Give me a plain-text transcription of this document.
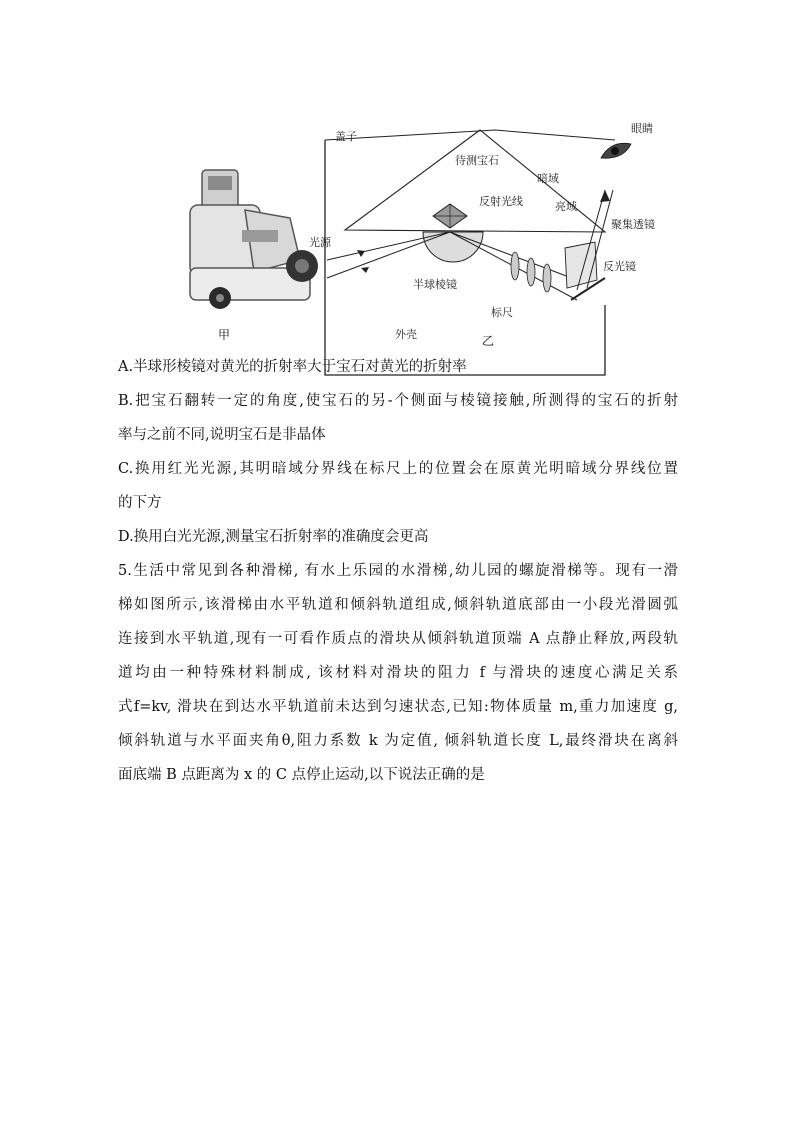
甲
盖子
待测宝石
反射光线
暗域
亮域
眼睛
聚集透镜
光源
半球棱镜
反光镜
标尺
外壳	乙

A.半球形棱镜对黄光的折射率大于宝石对黄光的折射率

B.把宝石翻转一定的角度,使宝石的另-个侧面与棱镜接触,所测得的宝石的折射

率与之前不同,说明宝石是非晶体

C.换用红光光源,其明暗域分界线在标尺上的位置会在原黄光明暗域分界线位置

的下方

D.换用白光光源,测量宝石折射率的准确度会更高

5.生活中常见到各种滑梯, 有水上乐园的水滑梯,幼儿园的螺旋滑梯等。现有一滑

梯如图所示,该滑梯由水平轨道和倾斜轨道组成,倾斜轨道底部由一小段光滑圆弧

连接到水平轨道,现有一可看作质点的滑块从倾斜轨道顶端 A 点静止释放,两段轨

道均由一种特殊材料制成, 该材料对滑块的阻力 f 与滑块的速度心满足关系

式f=kv, 滑块在到达水平轨道前未达到匀速状态,已知:物体质量 m,重力加速度 g,

倾斜轨道与水平面夹角θ,阻力系数 k 为定值, 倾斜轨道长度 L,最终滑块在离斜

面底端 B 点距离为 x 的 C 点停止运动,以下说法正确的是
